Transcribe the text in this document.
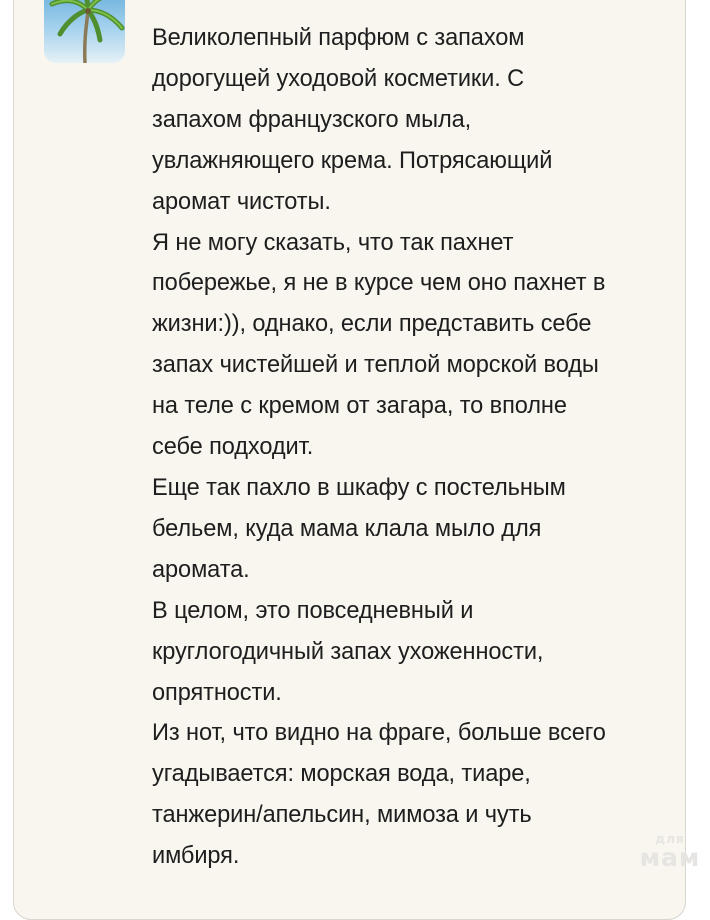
Великолепный парфюм с запахом
дорогущей уходовой косметики. С
запахом французского мыла,
увлажняющего крема. Потрясающий
аромат чистоты.

Я не могу сказать, что так пахнет
побережье, я не в курсе чем оно пахнет в
жизни:)), однако, если представить себе
запах чистейшей и теплой морской воды
на теле с кремом от загара, то вполне
себе подходит.

Еще так пахло в шкафу с постельным
бельем, куда мама клала мыло для
аромата.

В целом, это повседневный и
круглогодичный запах ухоженности,
опрятности.

Из нот, что видно на фраге, больше всего
угадывается: морская вода, тиаре,
танжерин/апельсин, мимоза и чуть
имбиря.

для
мам
